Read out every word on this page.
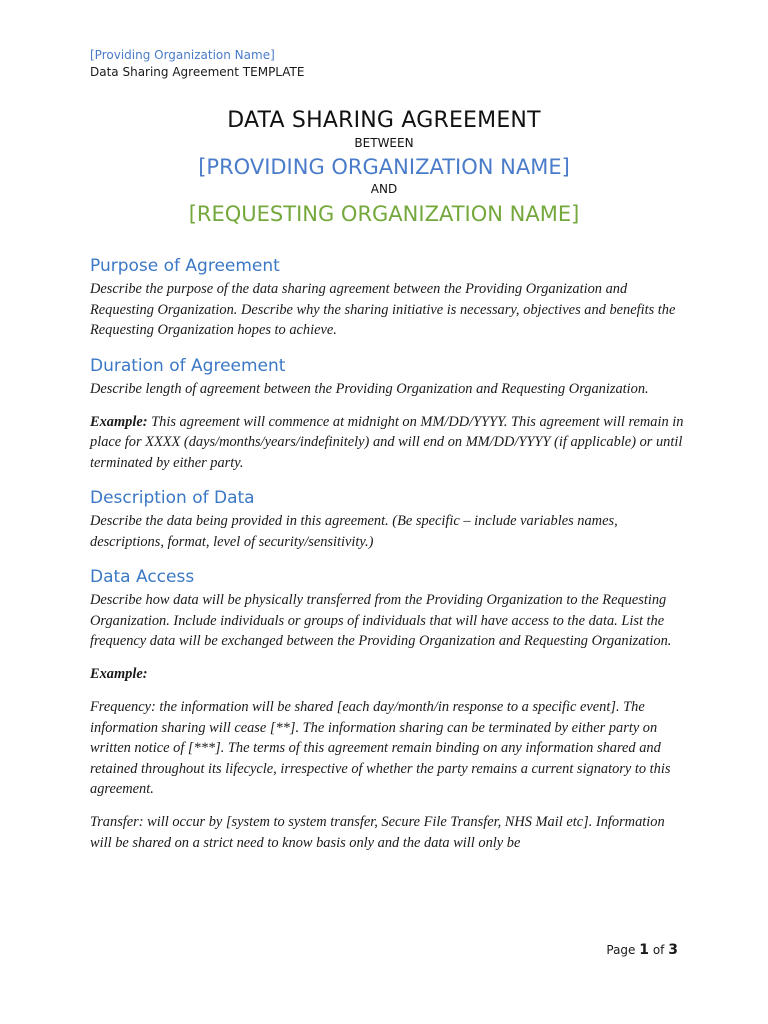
[Providing Organization Name]
Data Sharing Agreement TEMPLATE
DATA SHARING AGREEMENT
BETWEEN
[PROVIDING ORGANIZATION NAME]
AND
[REQUESTING ORGANIZATION NAME]
Purpose of Agreement

Describe the purpose of the data sharing agreement between the Providing Organization and Requesting Organization. Describe why the sharing initiative is necessary, objectives and benefits the Requesting Organization hopes to achieve.

Duration of Agreement

Describe length of agreement between the Providing Organization and Requesting Organization.

Example: This agreement will commence at midnight on MM/DD/YYYY. This agreement will remain in place for XXXX (days/months/years/indefinitely) and will end on MM/DD/YYYY (if applicable) or until terminated by either party.

Description of Data

Describe the data being provided in this agreement. (Be specific – include variables names, descriptions, format, level of security/sensitivity.)

Data Access

Describe how data will be physically transferred from the Providing Organization to the Requesting Organization. Include individuals or groups of individuals that will have access to the data. List the frequency data will be exchanged between the Providing Organization and Requesting Organization.

Example:

Frequency: the information will be shared [each day/month/in response to a specific event]. The information sharing will cease [**]. The information sharing can be terminated by either party on written notice of [***]. The terms of this agreement remain binding on any information shared and retained throughout its lifecycle, irrespective of whether the party remains a current signatory to this agreement.

Transfer: will occur by [system to system transfer, Secure File Transfer, NHS Mail etc]. Information will be shared on a strict need to know basis only and the data will only be

Page 1 of 3
